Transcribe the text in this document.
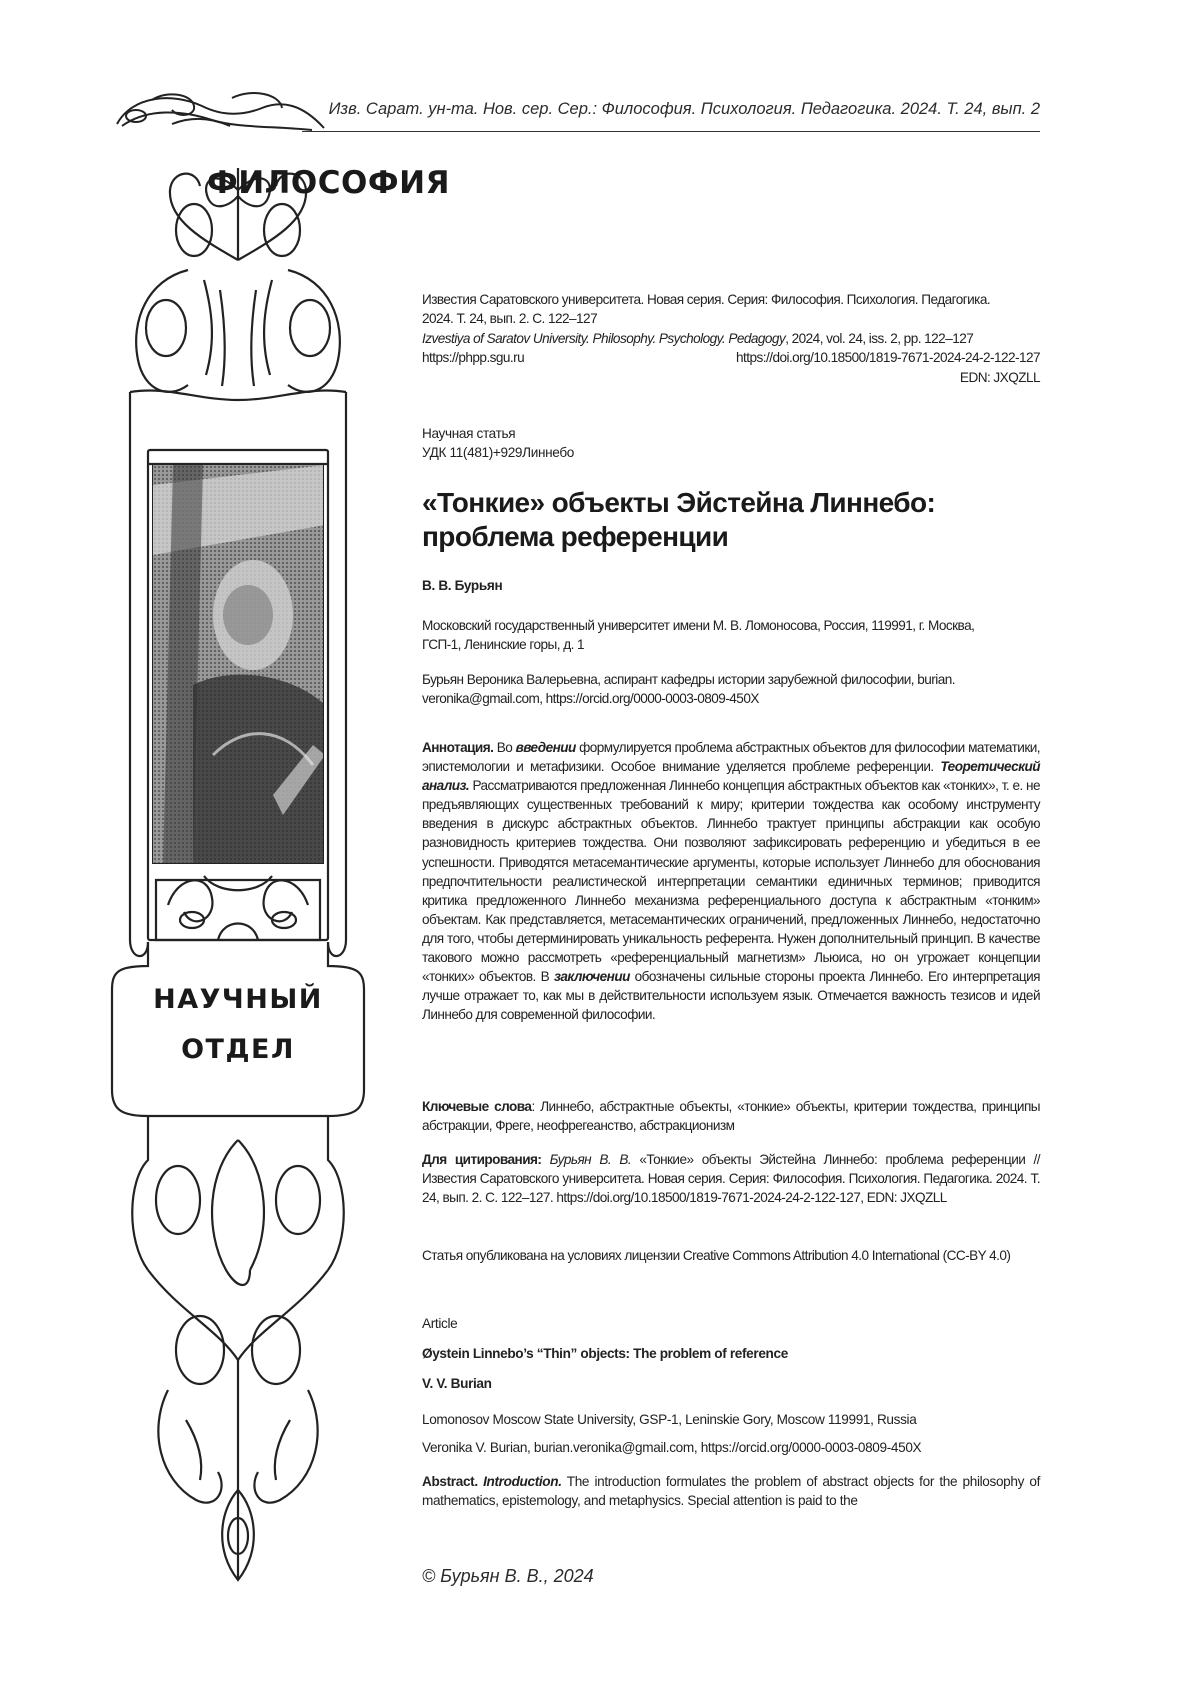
Изв. Сарат. ун-та. Нов. сер. Сер.: Философия. Психология. Педагогика. 2024. Т. 24, вып. 2
НАУЧНЫЙ
ОТДЕЛ
ФИЛОСОФИЯ
Известия Саратовского университета. Новая серия. Серия: Философия. Психология. Педагогика.
2024. Т. 24, вып. 2. С. 122–127
Izvestiya of Saratov University. Philosophy. Psychology. Pedagogy, 2024, vol. 24, iss. 2, pp. 122–127
https://phpp.sgu.ru	https://doi.org/10.18500/1819-7671-2024-24-2-122-127
EDN: JXQZLL
Научная статья
УДК 11(481)+929Линнебо
«Тонкие» объекты Эйстейна Линнебо:
проблема референции
В. В. Бурьян
Московский государственный университет имени М. В. Ломоносова, Россия, 119991, г. Москва,
ГСП-1, Ленинские горы, д. 1
Бурьян Вероника Валерьевна, аспирант кафедры истории зарубежной философии, burian.
veronika@gmail.com, https://orcid.org/0000-0003-0809-450X
Аннотация. Во введении формулируется проблема абстрактных объектов для философии математики, эпистемологии и метафизики. Особое внимание уделяется проблеме референции. Теоретический анализ. Рассматриваются предложенная Линнебо концепция абстрактных объектов как «тонких», т. е. не предъявляющих существенных требований к миру; критерии тождества как особому инструменту введения в дискурс абстрактных объектов. Линнебо трактует принципы абстракции как особую разновидность критериев тождества. Они позволяют зафиксировать референцию и убедиться в ее успешности. Приводятся метасемантические аргументы, которые использует Линнебо для обоснования предпочтительности реалистической интерпретации семантики единичных терминов; приводится критика предложенного Линнебо механизма референциального доступа к абстрактным «тонким» объектам. Как представляется, метасемантических ограничений, предложенных Линнебо, недостаточно для того, чтобы детерминировать уникальность референта. Нужен дополнительный принцип. В качестве такового можно рассмотреть «референциальный магнетизм» Льюиса, но он угрожает концепции «тонких» объектов. В заключении обозначены сильные стороны проекта Линнебо. Его интерпретация лучше отражает то, как мы в действительности используем язык. Отмечается важность тезисов и идей Линнебо для современной философии.
Ключевые слова: Линнебо, абстрактные объекты, «тонкие» объекты, критерии тождества, принципы абстракции, Фреге, неофрегеанство, абстракционизм
Для цитирования: Бурьян В. В. «Тонкие» объекты Эйстейна Линнебо: проблема референции // Известия Саратовского университета. Новая серия. Серия: Философия. Психология. Педагогика. 2024. Т. 24, вып. 2. С. 122–127. https://doi.org/10.18500/1819-7671-2024-24-2-122-127, EDN: JXQZLL
Статья опубликована на условиях лицензии Creative Commons Attribution 4.0 International (CC-BY 4.0)
Article
Øystein Linnebo’s “Thin” objects: The problem of reference
V. V. Burian
Lomonosov Moscow State University, GSP-1, Leninskie Gory, Moscow 119991, Russia
Veronika V. Burian, burian.veronika@gmail.com, https://orcid.org/0000-0003-0809-450X
Abstract. Introduction. The introduction formulates the problem of abstract objects for the philosophy of mathematics, epistemology, and metaphysics. Special attention is paid to the
© Бурьян В. В., 2024
